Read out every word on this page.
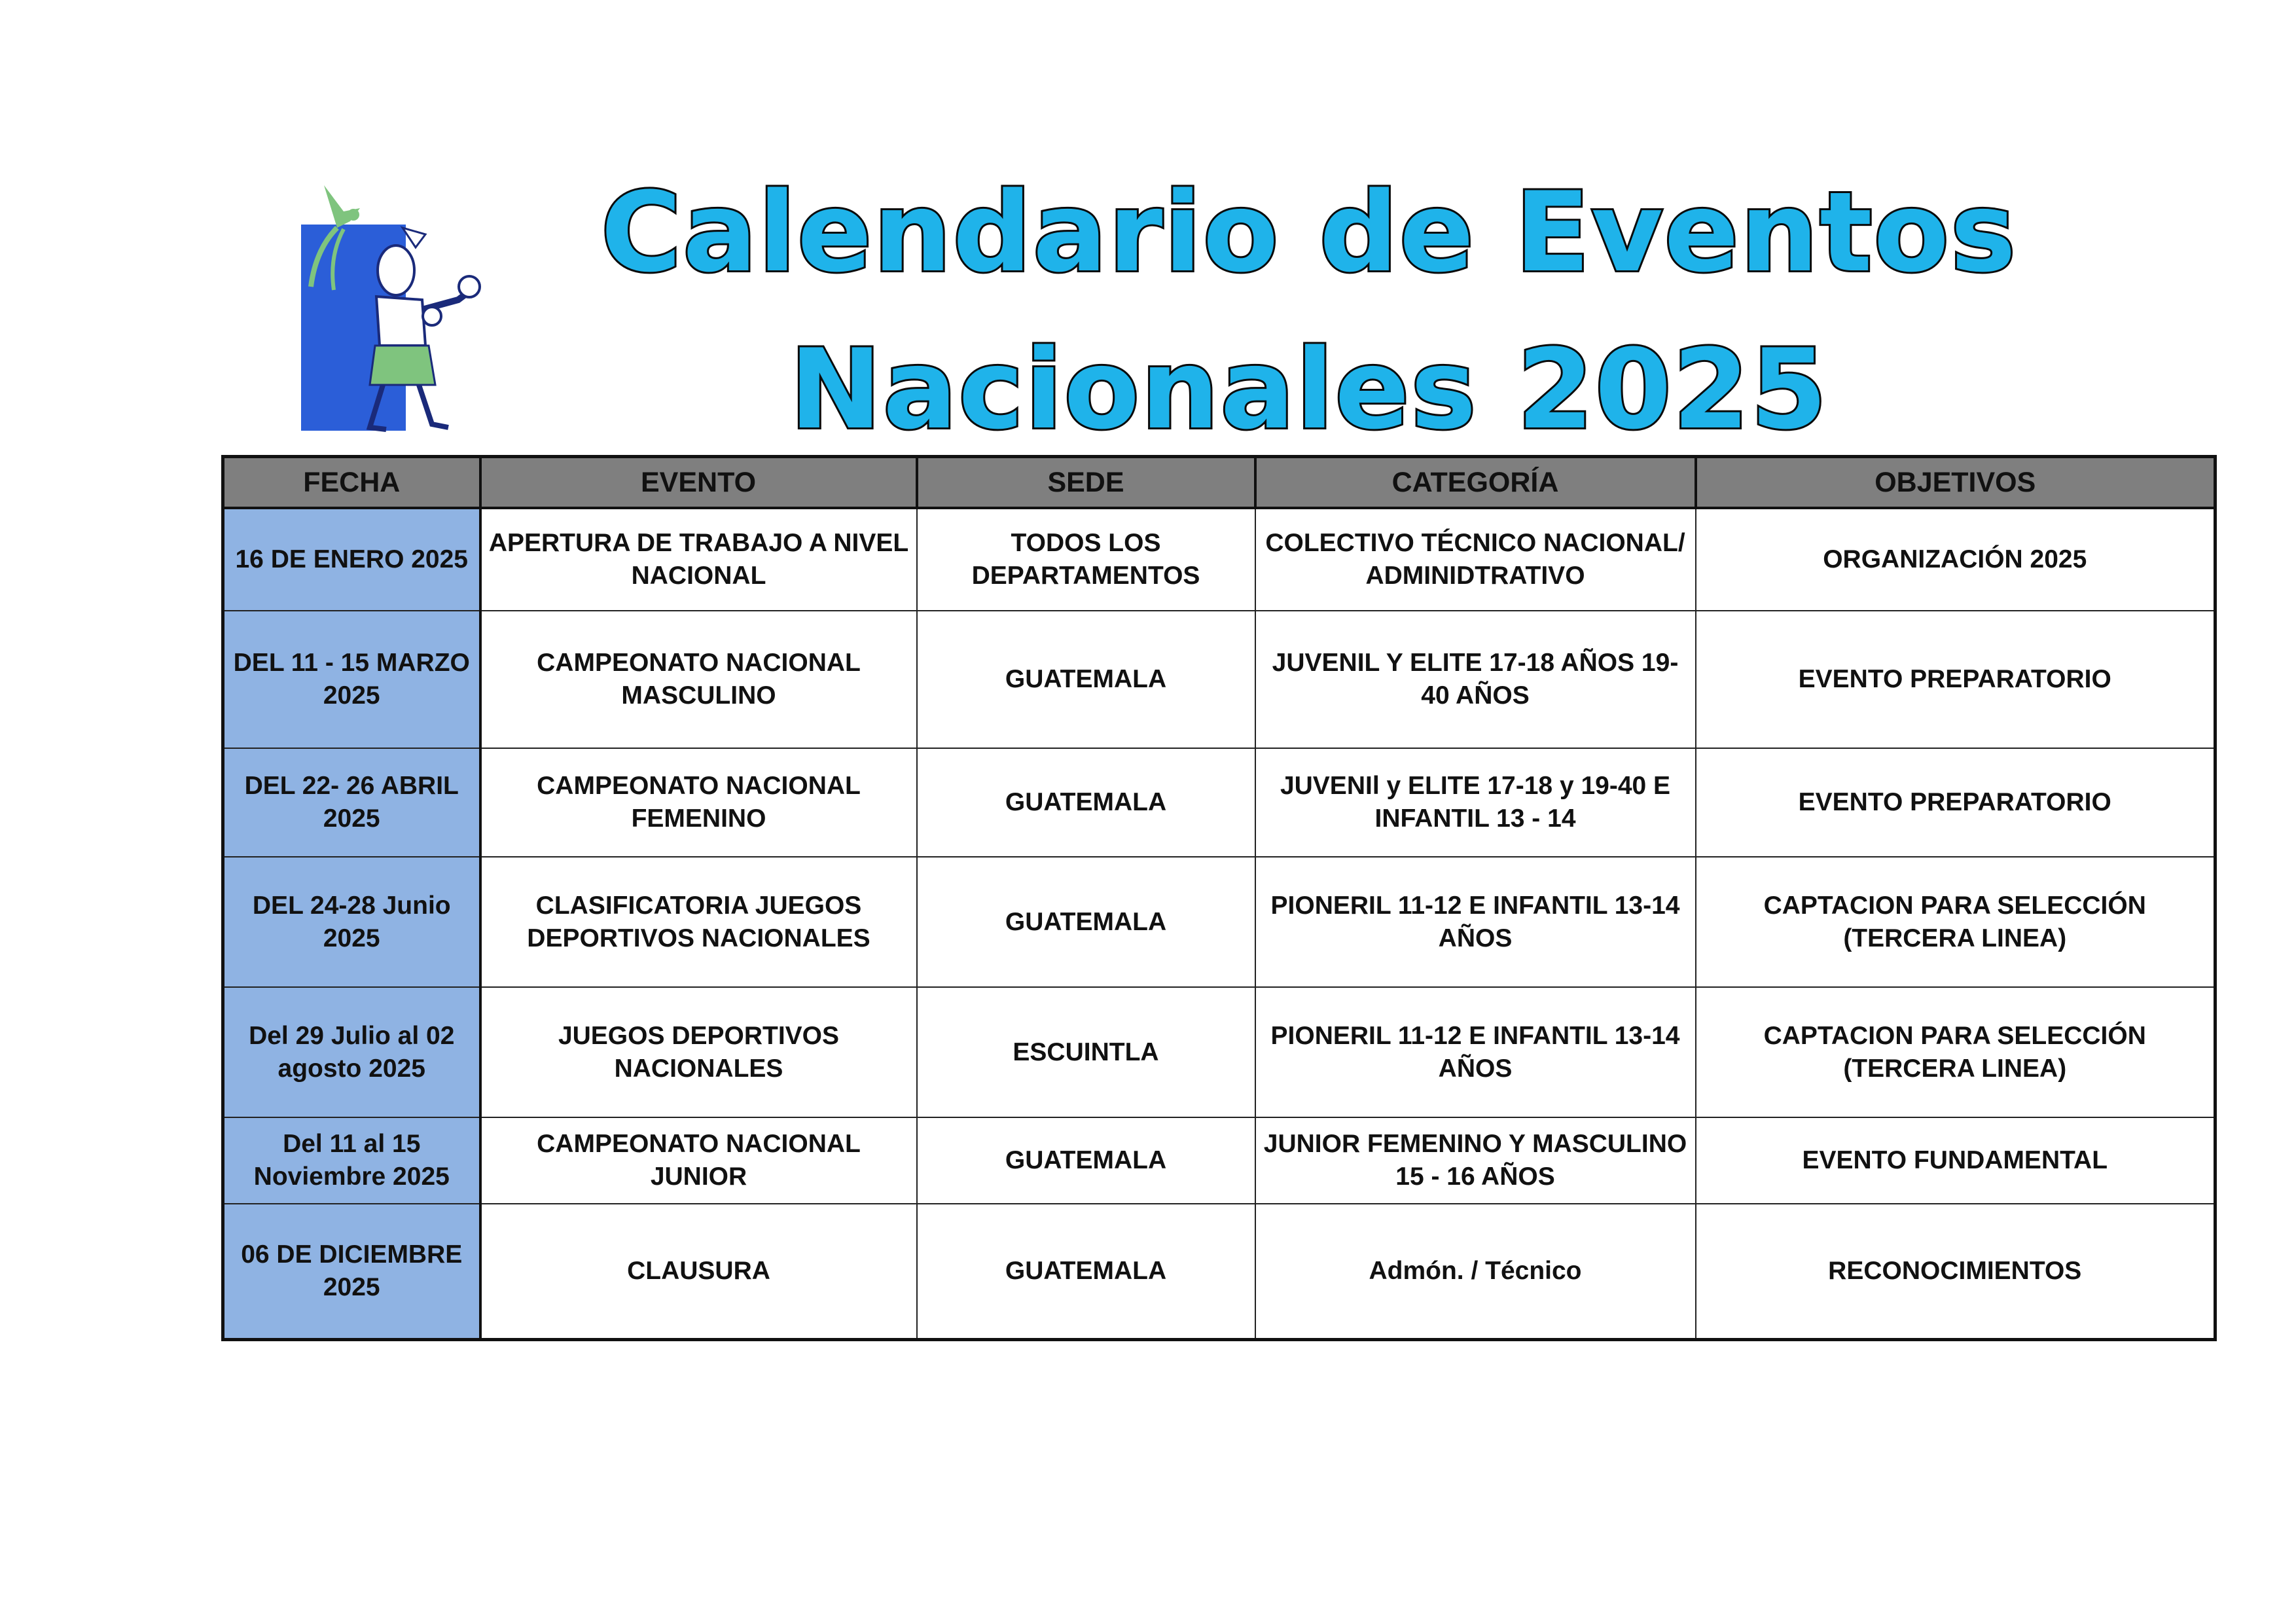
Calendario de Eventos
Nacionales 2025
FECHA	EVENTO	SEDE	CATEGORÍA	OBJETIVOS
16 DE ENERO 2025	APERTURA DE TRABAJO A NIVEL NACIONAL	TODOS LOS DEPARTAMENTOS	COLECTIVO TÉCNICO NACIONAL/ ADMINIDTRATIVO	ORGANIZACIÓN 2025
DEL 11 - 15 MARZO 2025	CAMPEONATO NACIONAL MASCULINO	GUATEMALA	JUVENIL Y ELITE 17-18 AÑOS 19-40 AÑOS	EVENTO PREPARATORIO
DEL 22- 26 ABRIL 2025	CAMPEONATO NACIONAL FEMENINO	GUATEMALA	JUVENIl y ELITE 17-18 y 19-40 E INFANTIL 13 - 14	EVENTO PREPARATORIO
DEL 24-28 Junio 2025	CLASIFICATORIA JUEGOS DEPORTIVOS NACIONALES	GUATEMALA	PIONERIL 11-12 E INFANTIL 13-14 AÑOS	CAPTACION PARA SELECCIÓN (TERCERA LINEA)
Del 29 Julio al 02 agosto 2025	JUEGOS DEPORTIVOS NACIONALES	ESCUINTLA	PIONERIL 11-12 E INFANTIL 13-14 AÑOS	CAPTACION PARA SELECCIÓN (TERCERA LINEA)
Del 11 al 15 Noviembre 2025	CAMPEONATO NACIONAL JUNIOR	GUATEMALA	JUNIOR FEMENINO Y MASCULINO 15 - 16 AÑOS	EVENTO FUNDAMENTAL
06 DE DICIEMBRE 2025	CLAUSURA	GUATEMALA	Admón. / Técnico	RECONOCIMIENTOS
